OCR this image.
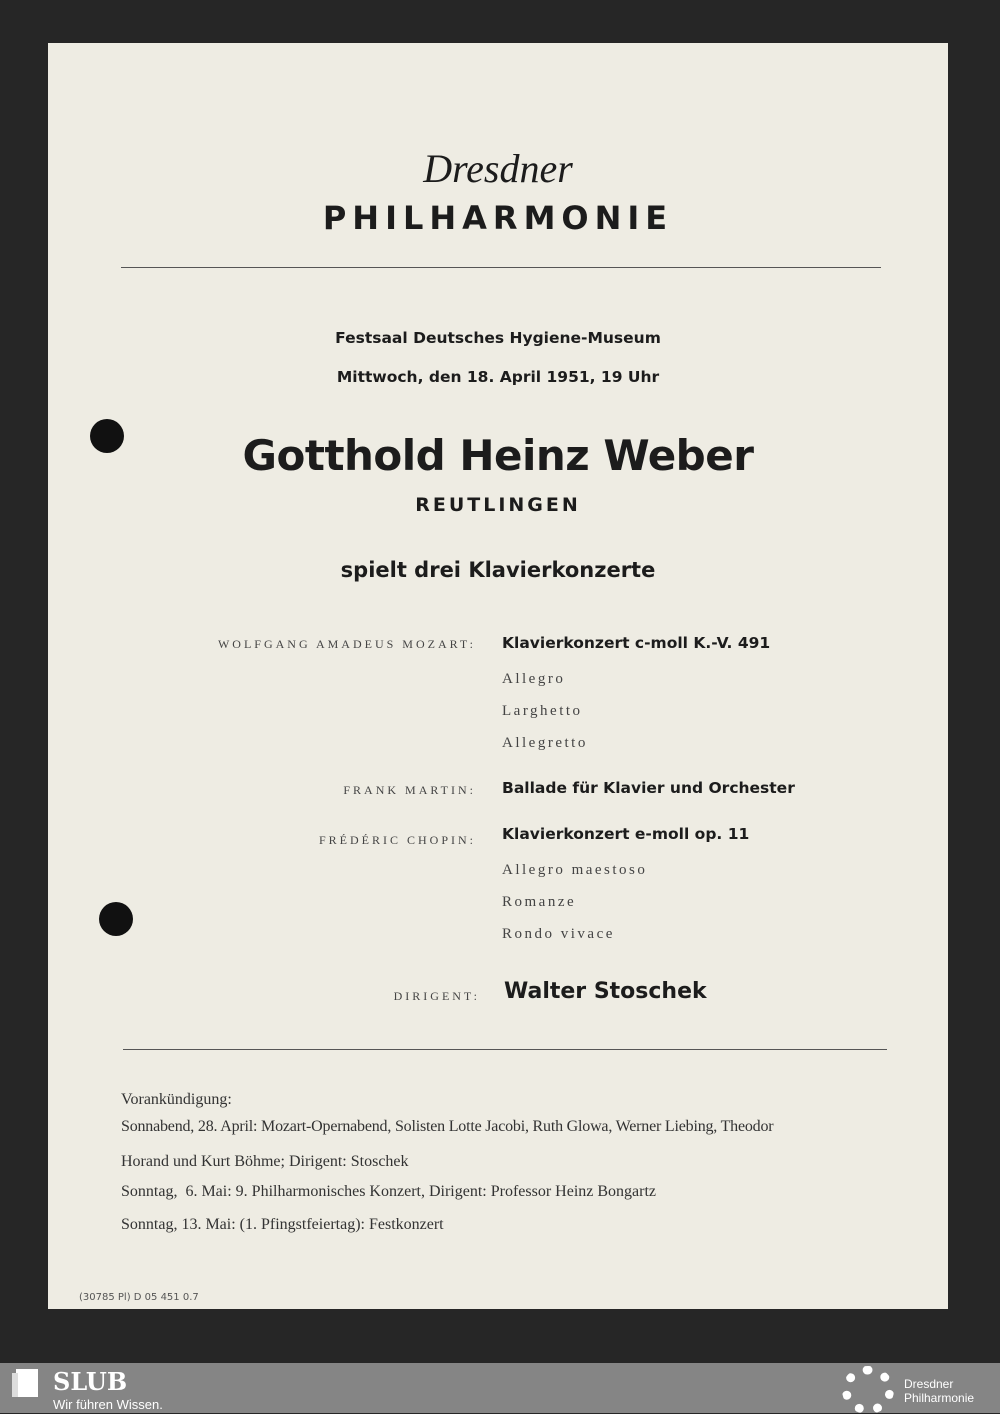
Dresdner
PHILHARMONIE
Festsaal Deutsches Hygiene-Museum
Mittwoch, den 18. April 1951, 19 Uhr
Gotthold Heinz Weber
REUTLINGEN
spielt drei Klavierkonzerte
WOLFGANG AMADEUS MOZART: Klavierkonzert c-moll K.-V. 491
Allegro
Larghetto
Allegretto
FRANK MARTIN: Ballade für Klavier und Orchester
FRÉDÉRIC CHOPIN: Klavierkonzert e-moll op. 11
Allegro maestoso
Romanze
Rondo vivace
DIRIGENT: Walter Stoschek
Vorankündigung:
Sonnabend, 28. April: Mozart-Opernabend, Solisten Lotte Jacobi, Ruth Glowa, Werner Liebing, Theodor
Horand und Kurt Böhme; Dirigent: Stoschek
Sonntag,  6. Mai: 9. Philharmonisches Konzert, Dirigent: Professor Heinz Bongartz
Sonntag, 13. Mai: (1. Pfingstfeiertag): Festkonzert
(30785 Pl) D 05 451 0.7
SLUB
Wir führen Wissen.
Dresdner
Philharmonie
